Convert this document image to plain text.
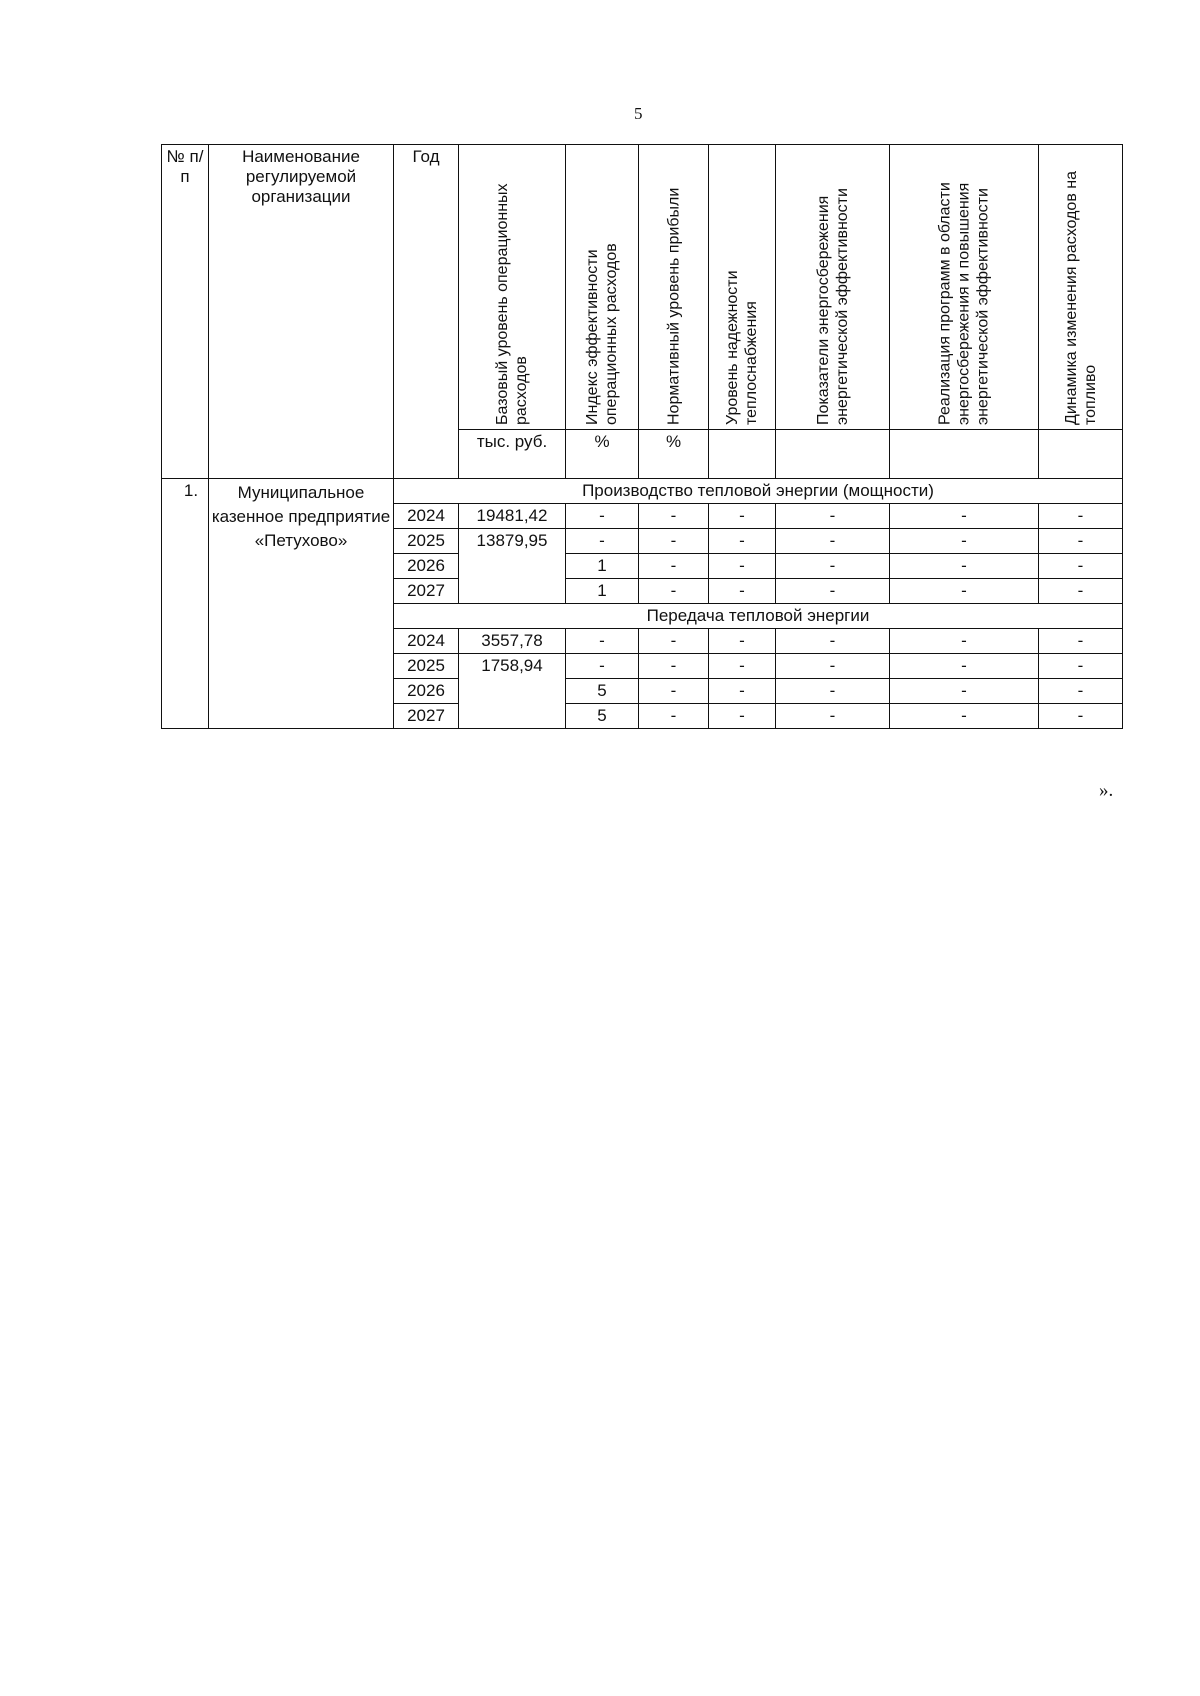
5
№ п/п	Наименование регулируемой организации	Год	Базовый уровень операционных расходов	Индекс эффективности операционных расходов	Нормативный уровень прибыли	Уровень надежности теплоснабжения	Показатели энергосбережения энергетической эффективности	Реализация программ в области энергосбережения и повышения энергетической эффективности	Динамика изменения расходов на топливо

			тыс. руб.	%	%				
1.	Муниципальное казенное предприятие «Петухово»	Производство тепловой энергии (мощности)							
		2024	19481,42	-	-	-	-	-	-
		2025	13879,95	-	-	-	-	-	-
		2026		1	-	-	-	-	-
		2027		1	-	-	-	-	-
		Передача тепловой энергии							
		2024	3557,78	-	-	-	-	-	-
		2025	1758,94	-	-	-	-	-	-
		2026		5	-	-	-	-	-
		2027		5	-	-	-	-	-
».
